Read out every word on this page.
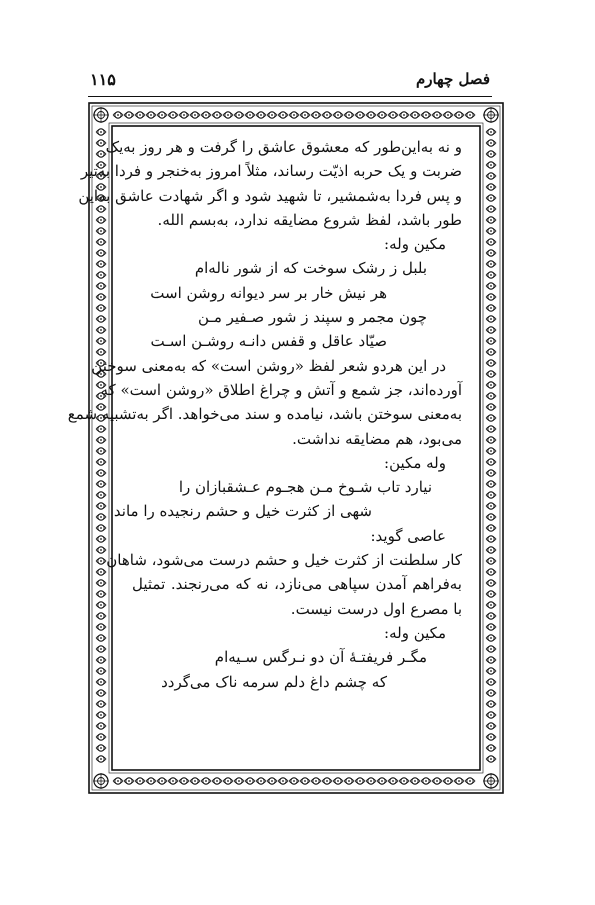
۱۱۵	فصل چهارم
و نه به‌این‌طور که معشوق عاشق را گرفت و هر روز به‌یک
ضربت و یک حربه اذیّت رساند، مثلاً امروز به‌خنجر و فردا به‌تیر
و پس فردا به‌شمشیر، تا شهید شود و اگر شهادت عاشق به‌این
طور باشد، لفظ شروع مضایقه ندارد، به‌بسم الله.
مکین وله:
بلبل ز رشک سوخت که از شور ناله‌ام
هر نیش خار بر سر دیوانه روشن است
چون مجمر و سپند ز شور صـفیر مـن
صیّاد عاقل و قفس دانـه روشـن اسـت
در این هردو شعر لفظ «روشن است» که به‌معنی سوختن
آورده‌اند، جز شمع و آتش و چراغ اطلاق «روشن است» که
به‌معنی سوختن باشد، نیامده و سند می‌خواهد. اگر به‌تشبیه شمع
می‌بود، هم مضایقه نداشت.
وله مکین:
نیارد تاب شـوخ مـن هجـوم عـشقبازان را
شهی از کثرت خیل و حشم رنجیده را ماند
عاصی گوید:
کار سلطنت از کثرت خیل و حشم درست می‌شود، شاهان
به‌فراهم آمدن سپاهی می‌نازد، نه که می‌رنجند. تمثیل
با مصرع اول درست نیست.
مکین وله:
مگـر فریفتـهٔ آن دو نـرگس سـیه‌ام
که چشم داغ دلم سرمه ناک می‌گردد
